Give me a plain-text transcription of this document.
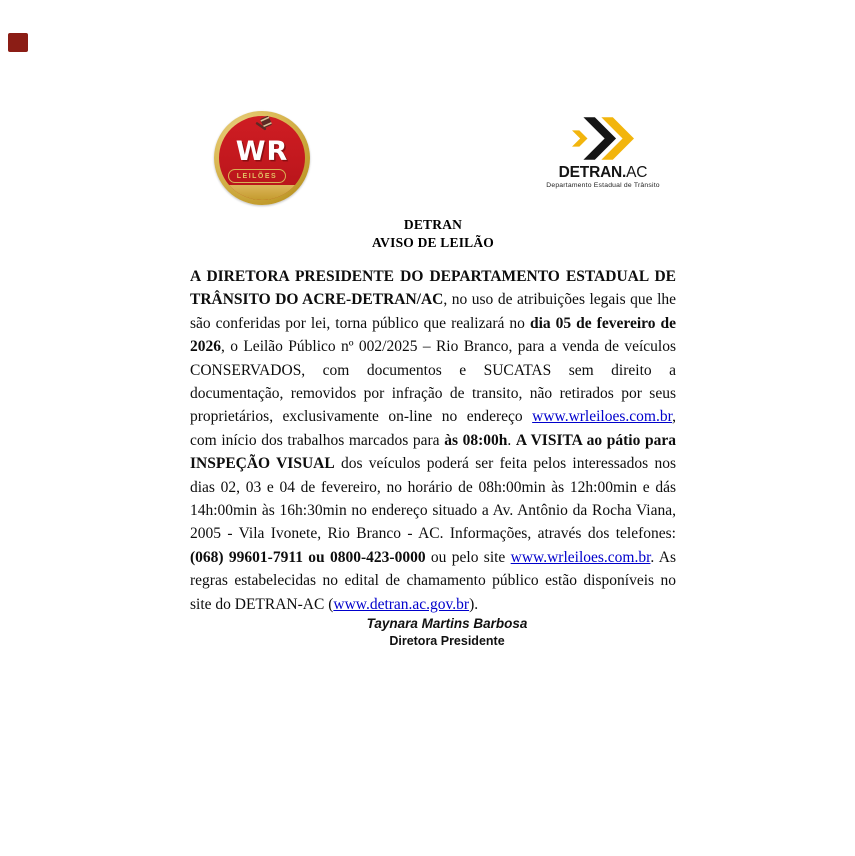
WR
LEILÕES	DETRAN.AC
Departamento Estadual de Trânsito
DETRAN
AVISO DE LEILÃO

A DIRETORA PRESIDENTE DO DEPARTAMENTO ESTADUAL DE TRÂNSITO DO ACRE-DETRAN/AC, no uso de atribuições legais que lhe são conferidas por lei, torna público que realizará no dia 05 de fevereiro de 2026, o Leilão Público nº 002/2025 – Rio Branco, para a venda de veículos CONSERVADOS, com documentos e SUCATAS sem direito a documentação, removidos por infração de transito, não retirados por seus proprietários, exclusivamente on-line no endereço www.wrleiloes.com.br, com início dos trabalhos marcados para às 08:00h. A VISITA ao pátio para INSPEÇÃO VISUAL dos veículos poderá ser feita pelos interessados nos dias 02, 03 e 04 de fevereiro, no horário de 08h:00min às 12h:00min e dás 14h:00min às 16h:30min no endereço situado a Av. Antônio da Rocha Viana, 2005 - Vila Ivonete, Rio Branco - AC. Informações, através dos telefones: (068) 99601-7911 ou 0800-423-0000 ou pelo site www.wrleiloes.com.br. As regras estabelecidas no edital de chamamento público estão disponíveis no site do DETRAN-AC (www.detran.ac.gov.br).

Taynara Martins Barbosa
Diretora Presidente
